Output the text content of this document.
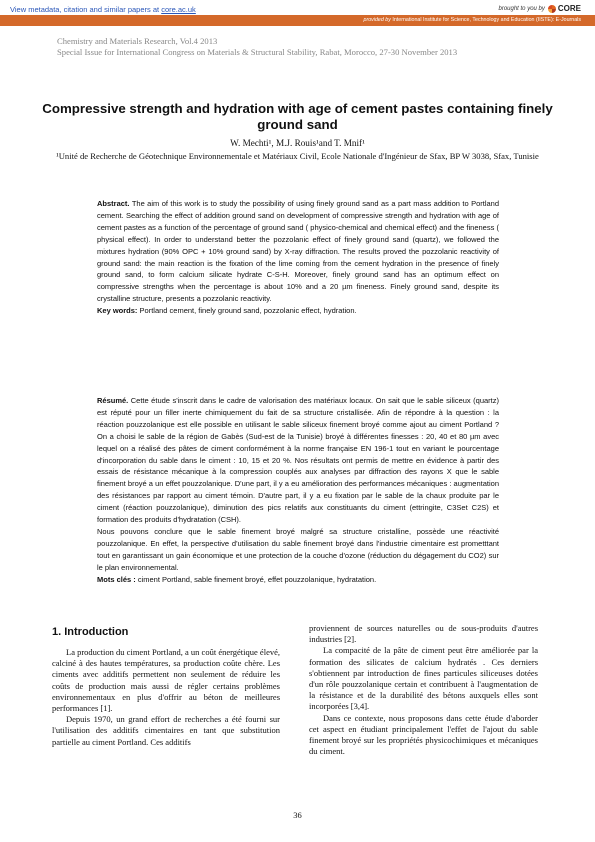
View metadata, citation and similar papers at core.ac.uk	brought to you by CORE
provided by International Institute for Science, Technology and Education (IISTE): E-Journals
Chemistry and Materials Research, Vol.4 2013
Special Issue for International Congress on Materials & Structural Stability, Rabat, Morocco, 27-30 November 2013
Compressive strength and hydration with age of cement pastes containing finely ground sand
W. Mechti¹, M.J. Rouis¹and T. Mnif¹
¹Unité de Recherche de Géotechnique Environnementale et Matériaux Civil, Ecole Nationale d'Ingénieur de Sfax, BP W 3038, Sfax, Tunisie
Abstract. The aim of this work is to study the possibility of using finely ground sand as a part mass addition to Portland cement. Searching the effect of addition ground sand on development of compressive strength and hydration with age of cement pastes as a function of the percentage of ground sand ( physico-chemical and chemical effect) and the fineness ( physical effect). In order to understand better the pozzolanic effect of finely ground sand (quartz), we followed the mixtures hydration (90% OPC + 10% ground sand) by X-ray diffraction. The results proved the pozzolanic reactivity of ground sand: the main reaction is the fixation of the lime coming from the cement hydration in the presence of finely ground sand, to form calcium silicate hydrate C-S-H. Moreover, finely ground sand has an optimum effect on compressive strengths when the percentage is about 10% and a 20 µm fineness. Finely ground sand, despite its crystalline structure, presents a pozzolanic reactivity.
Key words: Portland cement, finely ground sand, pozzolanic effect, hydration.

Résumé. Cette étude s'inscrit dans le cadre de valorisation des matériaux locaux. On sait que le sable siliceux (quartz) est réputé pour un filler inerte chimiquement du fait de sa structure cristallisée. Afin de répondre à la question : la réaction pouzzolanique est elle possible en utilisant le sable siliceux finement broyé comme ajout au ciment Portland ? On a choisi le sable de la région de Gabès (Sud-est de la Tunisie) broyé à différentes finesses : 20, 40 et 80 µm avec lequel on a réalisé des pâtes de ciment conformément à la norme française EN 196-1 tout en variant le pourcentage d'incorporation du sable dans le ciment : 10, 15 et 20 %. Nos résultats ont permis de mettre en évidence à partir des essais de résistance mécanique à la compression couplés aux analyses par diffraction des rayons X que le sable finement broyé a un effet pouzzolanique. D'une part, il y a eu amélioration des performances mécaniques : augmentation des résistances par rapport au ciment témoin. D'autre part, il y a eu fixation par le sable de la chaux produite par le ciment (réaction pouzzolanique), diminution des pics relatifs aux constituants du ciment (ettringite, C3Set C2S) et formation des produits d'hydratation (CSH).

Nous pouvons conclure que le sable finement broyé malgré sa structure cristalline, possède une réactivité pouzzolanique. En effet, la perspective d'utilisation du sable finement broyé dans l'industrie cimentaire est prometttant tout en garantissant un gain économique et une protection de la couche d'ozone (réduction du dégagement du CO2) sur le plan environnemental.

Mots clés : ciment Portland, sable finement broyé, effet pouzzolanique, hydratation.

1. Introduction

La production du ciment Portland, a un coût énergétique élevé, calciné à des hautes températures, sa production coûte chère. Les ciments avec additifs permettent non seulement de réduire les coûts de production mais aussi de régler certains problèmes environnementaux en plus d'offrir au béton de meilleures performances [1].

Depuis 1970, un grand effort de recherches a été fourni sur l'utilisation des additifs cimentaires en tant que substitution partielle au ciment Portland. Ces additifs

proviennent de sources naturelles ou de sous-produits d'autres industries [2].

La compacité de la pâte de ciment peut être améliorée par la formation des silicates de calcium hydratés . Ces derniers s'obtiennent par introduction de fines particules siliceuses dotées d'un rôle pouzzolanique certain et contribuent à l'augmentation de la résistance et de la durabilité des bétons auxquels elles sont incorporées [3,4].

Dans ce contexte, nous proposons dans cette étude d'aborder cet aspect en étudiant principalement l'effet de l'ajout du sable finement broyé sur les propriétés physicochimiques et mécaniques du ciment.

36
